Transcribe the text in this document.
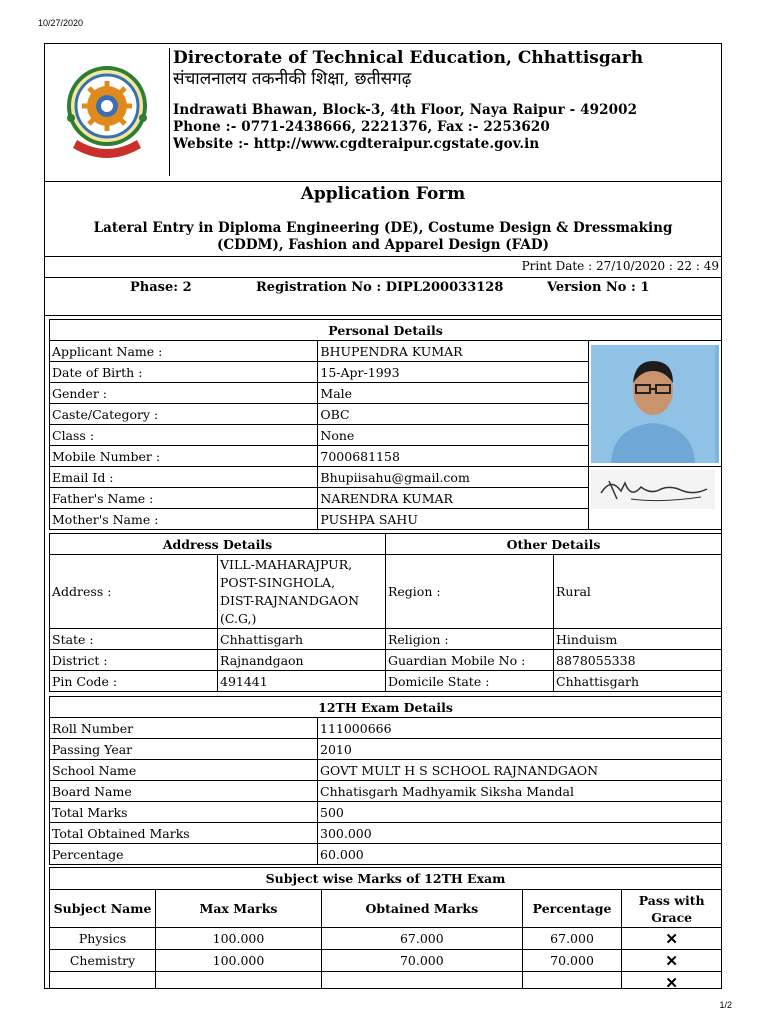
10/27/2020
Directorate of Technical Education, Chhattisgarh
संचालनालय तकनीकी शिक्षा, छतीसगढ़
Indrawati Bhawan, Block-3, 4th Floor, Naya Raipur - 492002
Phone :- 0771-2438666, 2221376, Fax :- 2253620
Website :- http://www.cgdteraipur.cgstate.gov.in
Application Form
Lateral Entry in Diploma Engineering (DE), Costume Design & Dressmaking (CDDM), Fashion and Apparel Design (FAD)
Print Date : 27/10/2020 : 22 : 49
Phase: 2	Registration No : DIPL200033128	Version No : 1
Personal Details		
Applicant Name :	BHUPENDRA KUMAR	

Date of Birth :	15-Apr-1993	
Gender :	Male	
Caste/Category :	OBC	
Class :	None	
Mobile Number :	7000681158	
Email Id :	Bhupiisahu@gmail.com	
Father's Name :	NARENDRA KUMAR	
Mother's Name :	PUSHPA SAHU	
Address Details		Other Details	
Address :	VILL-MAHARAJPUR,
POST-SINGHOLA,
DIST-RAJNANDGAON
(C.G,)	Region :	Rural
State :	Chhattisgarh	Religion :	Hinduism
District :	Rajnandgaon	Guardian Mobile No :	8878055338
Pin Code :	491441	Domicile State :	Chhattisgarh
12TH Exam Details	
Roll Number	111000666
Passing Year	2010
School Name	GOVT MULT H S SCHOOL RAJNANDGAON
Board Name	Chhatisgarh Madhyamik Siksha Mandal
Total Marks	500
Total Obtained Marks	300.000
Percentage	60.000
Subject wise Marks of 12TH Exam
Subject Name	Max Marks	Obtained Marks	Percentage	Pass with Grace
Physics	100.000	67.000	67.000	✕
Chemistry	100.000	70.000	70.000	✕
				✕
1/2
